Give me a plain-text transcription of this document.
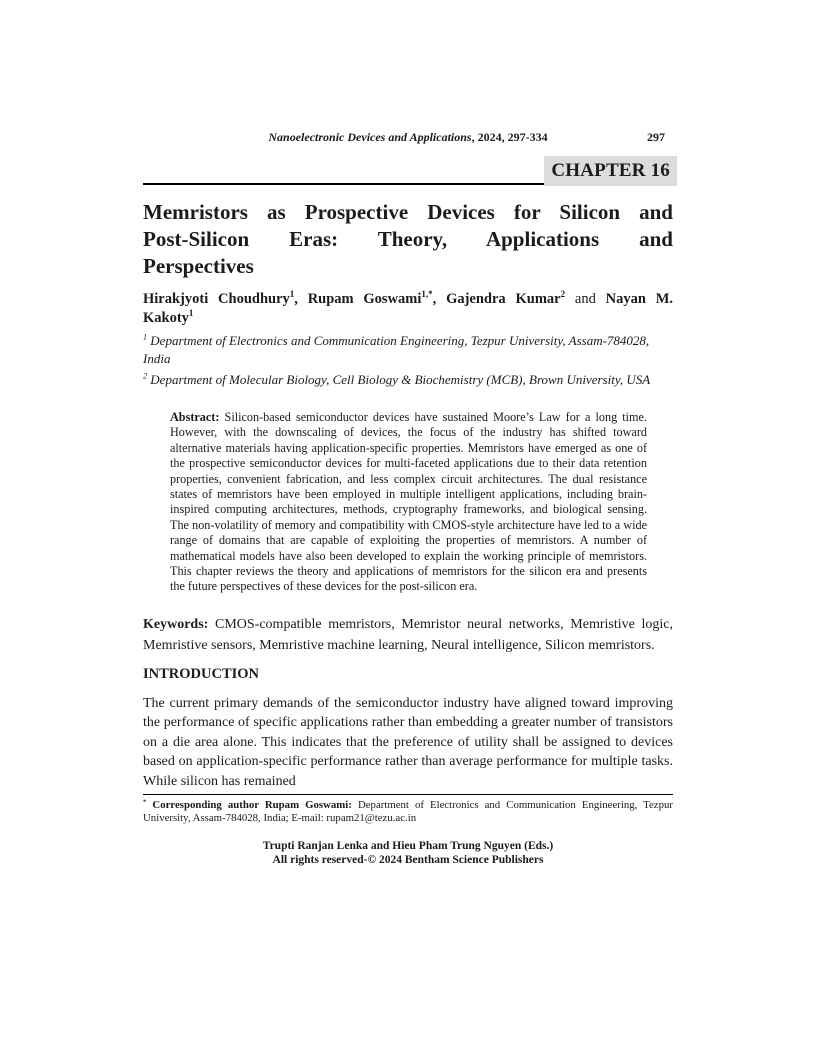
Nanoelectronic Devices and Applications, 2024, 297-334	297
CHAPTER 16
Memristors as Prospective Devices for Silicon and
Post-Silicon Eras: Theory, Applications and
Perspectives

Hirakjyoti Choudhury$^1$, Rupam Goswami$^{1,*}$, Gajendra Kumar$^2$ and Nayan M. Kakoty$^1$

$^1$ Department of Electronics and Communication Engineering, Tezpur University, Assam-784028, India

$^2$ Department of Molecular Biology, Cell Biology & Biochemistry (MCB), Brown University, USA

Abstract: Silicon-based semiconductor devices have sustained Moore’s Law for a long time. However, with the downscaling of devices, the focus of the industry has shifted toward alternative materials having application-specific properties. Memristors have emerged as one of the prospective semiconductor devices for multi-faceted applications due to their data retention properties, convenient fabrication, and less complex circuit architectures. The dual resistance states of memristors have been employed in multiple intelligent applications, including brain-inspired computing architectures, methods, cryptography frameworks, and biological sensing. The non-volatility of memory and compatibility with CMOS-style architecture have led to a wide range of domains that are capable of exploiting the properties of memristors. A number of mathematical models have also been developed to explain the working principle of memristors. This chapter reviews the theory and applications of memristors for the silicon era and presents the future perspectives of these devices for the post-silicon era.

Keywords: CMOS-compatible memristors, Memristor neural networks, Memristive logic, Memristive sensors, Memristive machine learning, Neural intelligence, Silicon memristors.

INTRODUCTION

The current primary demands of the semiconductor industry have aligned toward improving the performance of specific applications rather than embedding a greater number of transistors on a die area alone. This indicates that the preference of utility shall be assigned to devices based on application-specific performance rather than average performance for multiple tasks. While silicon has remained

* Corresponding author Rupam Goswami: Department of Electronics and Communication Engineering, Tezpur University, Assam-784028, India; E-mail: rupam21@tezu.ac.in

Trupti Ranjan Lenka and Hieu Pham Trung Nguyen (Eds.)
All rights reserved-© 2024 Bentham Science Publishers
